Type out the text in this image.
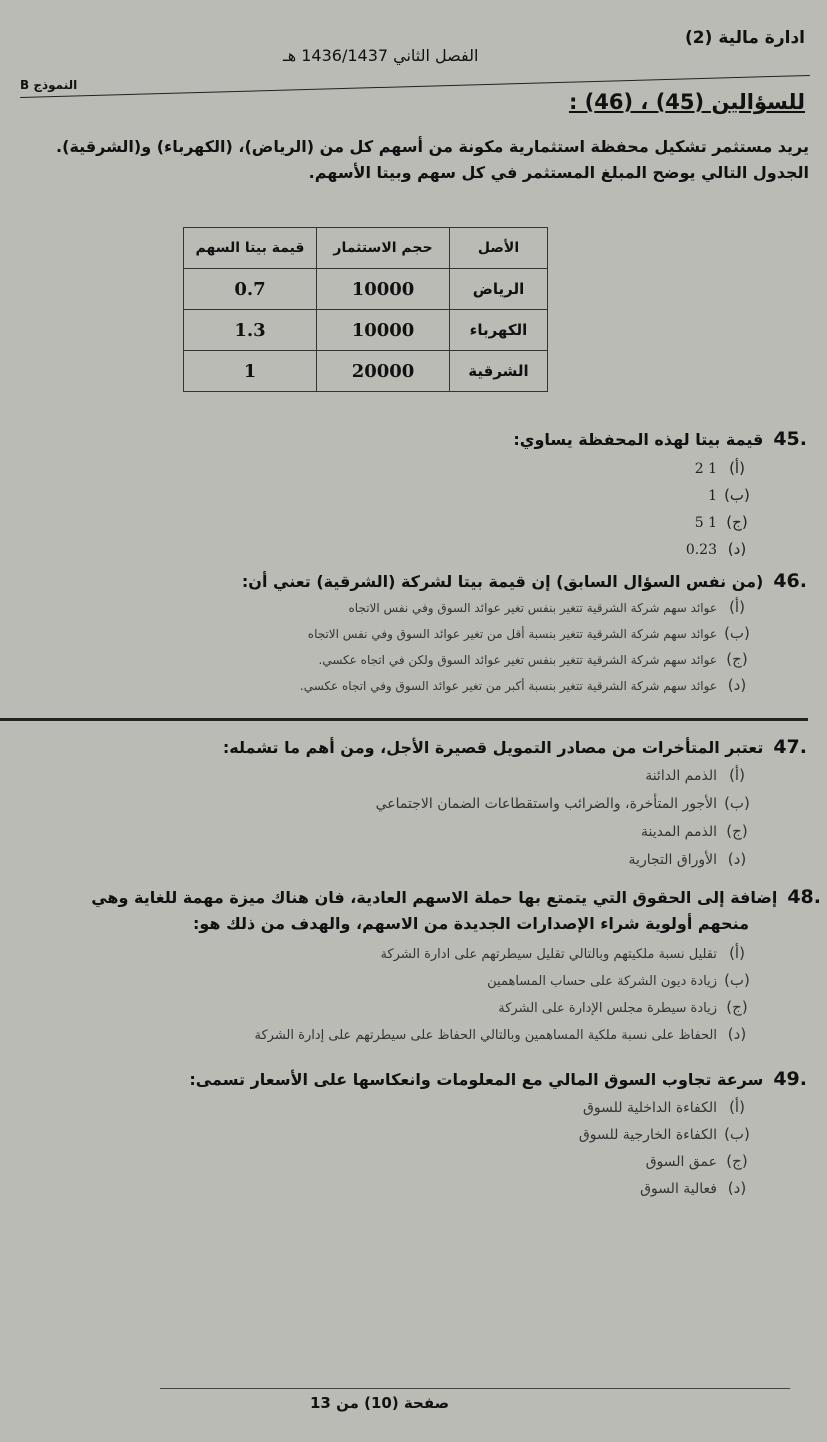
ادارة مالية (2)
الفصل الثاني 1436/1437 هـ
النموذج B
للسؤالين (45) ، (46) :
يريد مستثمر تشكيل محفظة استثمارية مكونة من أسهم كل من (الرياض)، (الكهرباء) و(الشرقية).
الجدول التالي يوضح المبلغ المستثمر في كل سهم وبيتا الأسهم.
الأصل	حجم الاستثمار	قيمة بيتا السهم
الرياض	10000	0.7
الكهرباء	10000	1.3
الشرقية	20000	1
45.قيمة بيتا لهذه المحفظة يساوي:
(أ)1 2
(ب)1
(ج)1 5
(د)0.23
46.(من نفس السؤال السابق) إن قيمة بيتا لشركة (الشرقية) تعني أن:
(أ)عوائد سهم شركة الشرقية تتغير بنفس تغير عوائد السوق وفي نفس الاتجاه
(ب)عوائد سهم شركة الشرقية تتغير بنسبة أقل من تغير عوائد السوق وفي نفس الاتجاه
(ج)عوائد سهم شركة الشرقية تتغير بنفس تغير عوائد السوق ولكن في اتجاه عكسي.
(د)عوائد سهم شركة الشرقية تتغير بنسبة أكبر من تغير عوائد السوق وفي اتجاه عكسي.
47.تعتبر المتأخرات من مصادر التمويل قصيرة الأجل، ومن أهم ما تشمله:
(أ)الذمم الدائنة
(ب)الأجور المتأخرة، والضرائب واستقطاعات الضمان الاجتماعي
(ج)الذمم المدينة
(د)الأوراق التجارية
48.إضافة إلى الحقوق التي يتمتع بها حملة الاسهم العادية، فان هناك ميزة مهمة للغاية وهي
منحهم أولوية شراء الإصدارات الجديدة من الاسهم، والهدف من ذلك هو:
(أ)تقليل نسبة ملكيتهم وبالتالي تقليل سيطرتهم على ادارة الشركة
(ب)زيادة ديون الشركة على حساب المساهمين
(ج)زيادة سيطرة مجلس الإدارة على الشركة
(د)الحفاظ على نسبة ملكية المساهمين وبالتالي الحفاظ على سيطرتهم على إدارة الشركة
49.سرعة تجاوب السوق المالي مع المعلومات وانعكاسها على الأسعار تسمى:
(أ)الكفاءة الداخلية للسوق
(ب)الكفاءة الخارجية للسوق
(ج)عمق السوق
(د)فعالية السوق
صفحة (10) من 13
